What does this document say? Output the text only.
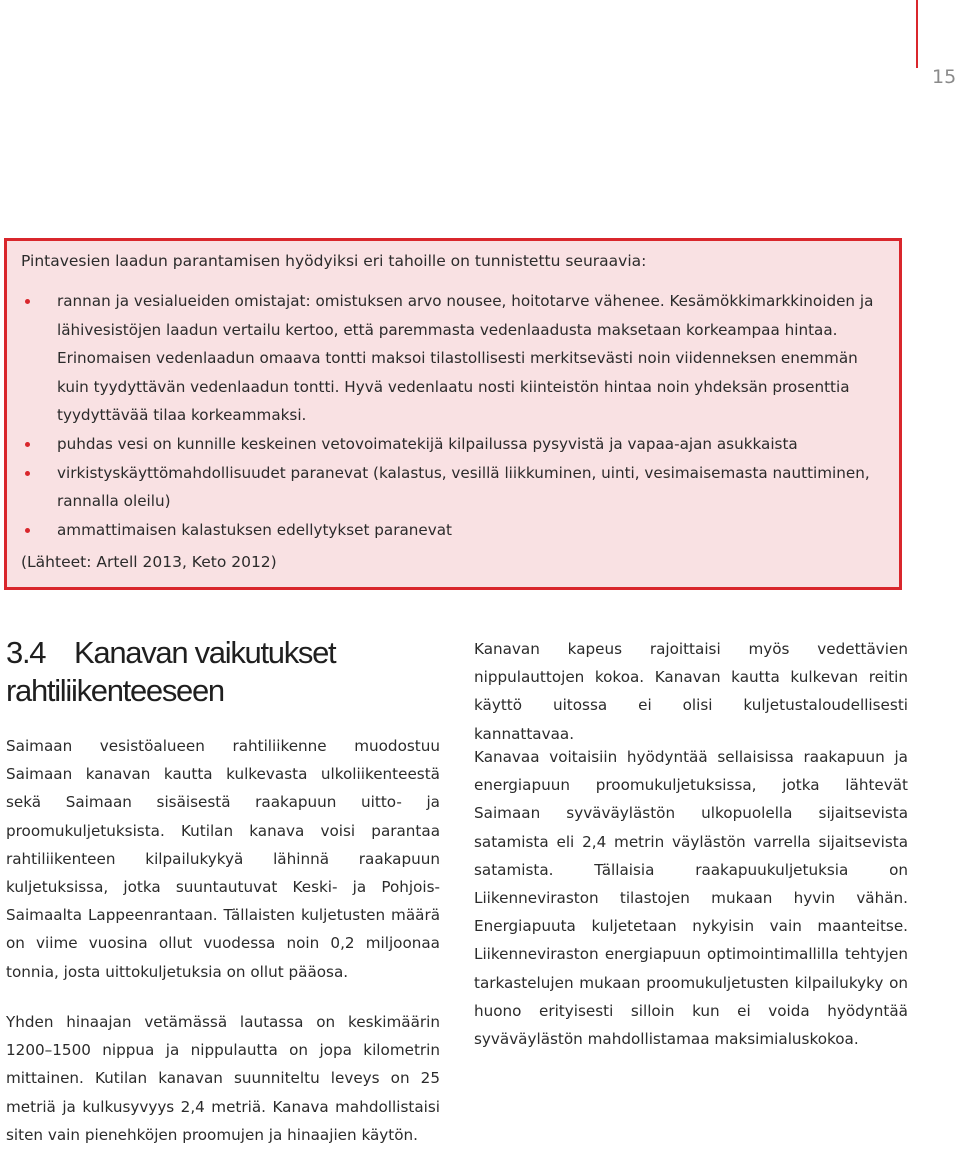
15
Pintavesien laadun parantamisen hyödyiksi eri tahoille on tunnistettu seuraavia:
rannan ja vesialueiden omistajat: omistuksen arvo nousee, hoitotarve vähenee. Kesämökkimarkkinoiden ja lähivesistöjen laadun vertailu kertoo, että paremmasta vedenlaadusta maksetaan korkeampaa hintaa. Erinomaisen vedenlaadun omaava tontti maksoi tilastollisesti merkitsevästi noin viidenneksen enemmän kuin tyydyttävän vedenlaadun tontti. Hyvä vedenlaatu nosti kiinteistön hintaa noin yhdeksän prosenttia tyydyttävää tilaa korkeammaksi.
puhdas vesi on kunnille keskeinen vetovoimatekijä kilpailussa pysyvistä ja vapaa-ajan asukkaista
virkistyskäyttömahdollisuudet paranevat (kalastus, vesillä liikkuminen, uinti, vesimaisemasta nauttiminen, rannalla oleilu)
ammattimaisen kalastuksen edellytykset paranevat
(Lähteet: Artell 2013, Keto 2012)
3.4 Kanavan vaikutukset rahtiliikenteeseen

Saimaan vesistöalueen rahtiliikenne muodostuu Saimaan kanavan kautta kulkevasta ulkoliikenteestä sekä Saimaan sisäisestä raakapuun uitto- ja proomukuljetuksista. Kutilan kanava voisi parantaa rahtiliikenteen kilpailukykyä lähinnä raakapuun kuljetuksissa, jotka suuntautuvat Keski- ja Pohjois-Saimaalta Lappeenrantaan. Tällaisten kuljetusten määrä on viime vuosina ollut vuodessa noin 0,2 miljoonaa tonnia, josta uittokuljetuksia on ollut pääosa.

Yhden hinaajan vetämässä lautassa on keskimäärin 1200–1500 nippua ja nippulautta on jopa kilometrin mittainen. Kutilan kanavan suunniteltu leveys on 25 metriä ja kulkusyvyys 2,4 metriä. Kanava mahdollistaisi siten vain pienehköjen proomujen ja hinaajien käytön.

Kanavan kapeus rajoittaisi myös vedettävien nippulauttojen kokoa. Kanavan kautta kulkevan reitin käyttö uitossa ei olisi kuljetustaloudellisesti kannattavaa.

Kanavaa voitaisiin hyödyntää sellaisissa raakapuun ja energiapuun proomukuljetuksissa, jotka lähtevät Saimaan syväväylästön ulkopuolella sijaitsevista satamista eli 2,4 metrin väylästön varrella sijaitsevista satamista. Tällaisia raakapuukuljetuksia on Liikenneviraston tilastojen mukaan hyvin vähän. Energiapuuta kuljetetaan nykyisin vain maanteitse. Liikenneviraston energiapuun optimointimallilla tehtyjen tarkastelujen mukaan proomukuljetusten kilpailukyky on huono erityisesti silloin kun ei voida hyödyntää syväväylästön mahdollistamaa maksimialuskokoa.
